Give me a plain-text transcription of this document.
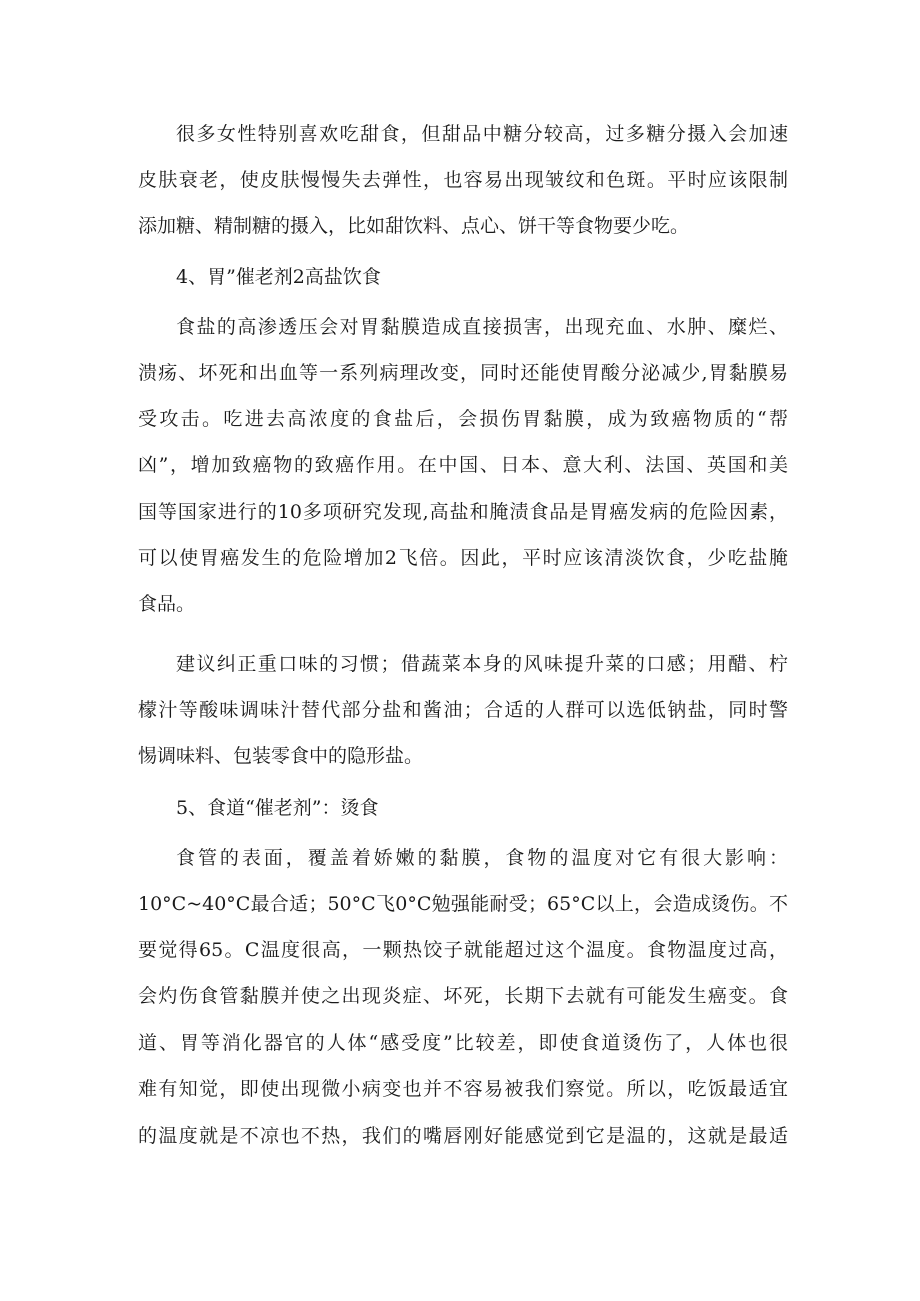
很多女性特别喜欢吃甜食，但甜品中糖分较高，过多糖分摄入会加速
皮肤衰老，使皮肤慢慢失去弹性，也容易出现皱纹和色斑。平时应该限制
添加糖、精制糖的摄入，比如甜饮料、点心、饼干等食物要少吃。
4、胃”催老剂2高盐饮食
食盐的高渗透压会对胃黏膜造成直接损害，出现充血、水肿、糜烂、
溃疡、坏死和出血等一系列病理改变，同时还能使胃酸分泌减少,胃黏膜易
受攻击。吃进去高浓度的食盐后，会损伤胃黏膜，成为致癌物质的“帮
凶”，增加致癌物的致癌作用。在中国、日本、意大利、法国、英国和美
国等国家进行的10多项研究发现,高盐和腌渍食品是胃癌发病的危险因素，
可以使胃癌发生的危险增加2飞倍。因此，平时应该清淡饮食，少吃盐腌
食品。
建议纠正重口味的习惯；借蔬菜本身的风味提升菜的口感；用醋、柠
檬汁等酸味调味汁替代部分盐和酱油；合适的人群可以选低钠盐，同时警
惕调味料、包装零食中的隐形盐。
5、食道“催老剂”：烫食
食管的表面，覆盖着娇嫩的黏膜，食物的温度对它有很大影响：
10°C~40°C最合适；50°C飞0°C勉强能耐受；65°C以上，会造成烫伤。不
要觉得65。C温度很高，一颗热饺子就能超过这个温度。食物温度过高，
会灼伤食管黏膜并使之出现炎症、坏死，长期下去就有可能发生癌变。食
道、胃等消化器官的人体“感受度”比较差，即使食道烫伤了，人体也很
难有知觉，即使出现微小病变也并不容易被我们察觉。所以，吃饭最适宜
的温度就是不凉也不热，我们的嘴唇刚好能感觉到它是温的，这就是最适
